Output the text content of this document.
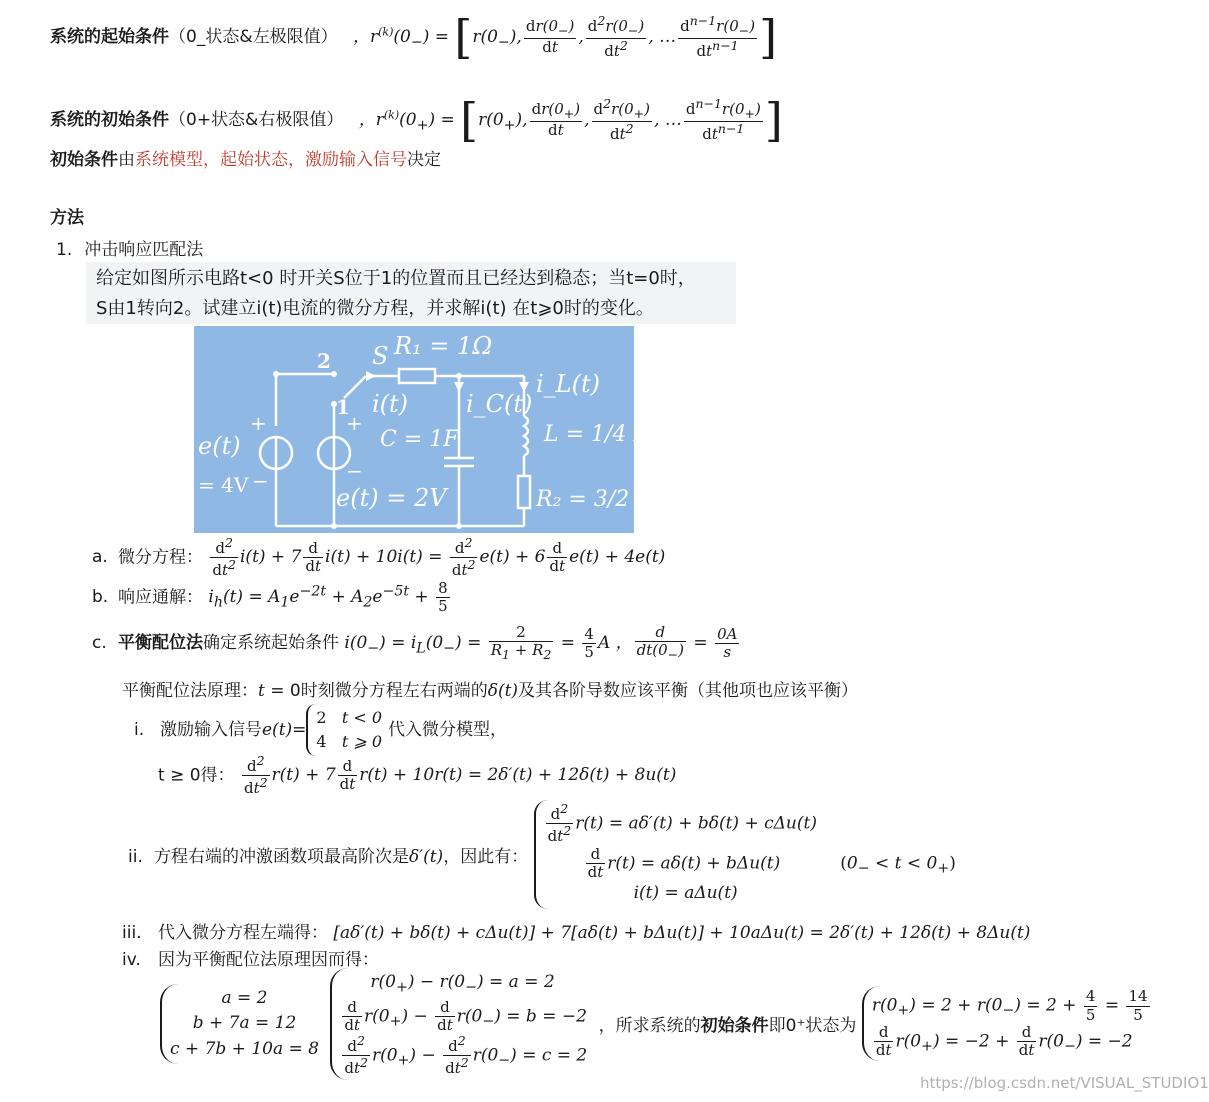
系统的起始条件（0_状态&左极限值） ，$r^{(k)}(0_-) = [r(0_-)$, $\frac{dr(0_-)}{dt}$ , $\frac{d^2r(0_-)}{dt^2}$ , … $\frac{d^{n-1}r(0_-)}{dt^{n-1}}$ ]
系统的初始条件（0+状态&右极限值） ，$r^{(k)}(0_+) = [r(0_+)$, $\frac{dr(0_+)}{dt}$ , $\frac{d^2r(0_+)}{dt^2}$ , … $\frac{d^{n-1}r(0_+)}{dt^{n-1}}$ ]
初始条件由系统模型，起始状态，激励输入信号决定
方法
1. 冲击响应匹配法
给定如图所示电路t<0 时开关S位于1的位置而且已经达到稳态；当t=0时，
S由1转向2。试建立i(t)电流的微分方程，并求解i(t) 在t⩾0时的变化。
e(t)
= 4V	e(t) = 2V
S
2
1
R₁ = 1Ω
i(t) i_C(t)
i_L(t)
C = 1F	L = 1/4 H
R₂ = 3/2 Ω
+
−
+
−
a. 微分方程： $\frac{d^2}{dt^2} i(t) + 7 \frac{d}{dt} i(t) + 10i(t) = \frac{d^2}{dt^2} e(t) + 6 \frac{d}{dt} e(t) + 4e(t)$
b. 响应通解： $i_h(t) = A_1e^{-2t} + A_2e^{-5t} + \frac{8}{5}$
c. 平衡配位法确定系统起始条件 $i(0_-) = i_L(0_-) = \frac{2}{R_1 + R_2} = \frac{4}{5}$ A ， $\frac{d}{dt(0_-)} = \frac{0A}{s}$
平衡配位法原理：t = 0时刻微分方程左右两端的δ(t)及其各阶导数应该平衡（其他项也应该平衡）
i. 激励输入信号e(t)=
2   t < 0
4   t ⩾ 0
代入微分模型，
t ≥ 0得： $\frac{d^2}{dt^2} r(t) + 7 \frac{d}{dt} r(t) + 10r(t) = 2\delta'(t) + 12\delta(t) + 8u(t)$
ii. 方程右端的冲激函数项最高阶次是δ′(t)，因此有：
$\frac{d^2}{dt^2} r(t) = a\delta'(t) + b\delta(t) + c\Delta u(t)$
$\frac{d}{dt} r(t) = a\delta(t) + b\Delta u(t)$	$(0_- < t < 0_+)$
i(t) = aΔu(t)
iii. 代入微分方程左端得： [aδ′(t) + bδ(t) + cΔu(t)] + 7[aδ(t) + bΔu(t)] + 10aΔu(t) = 2δ′(t) + 12δ(t) + 8Δu(t)
iv. 因为平衡配位法原理因而得：
a = 2
b + 7a = 12
c + 7b + 10a = 8

$r(0_+) - r(0_-) = a = 2$
$\frac{d}{dt} r(0_+) - \frac{d}{dt} r(0_-) = b = -2$
$\frac{d^2}{dt^2} r(0_+) - \frac{d^2}{dt^2} r(0_-) = c = 2$
，所求系统的初始条件即0⁺状态为
$r(0_+) = 2 + r(0_-) = 2 + \frac{4}{5} = \frac{14}{5}$
$\frac{d}{dt} r(0_+) = -2 + \frac{d}{dt} r(0_-) = -2$
https://blog.csdn.net/VISUAL_STUDIO1
